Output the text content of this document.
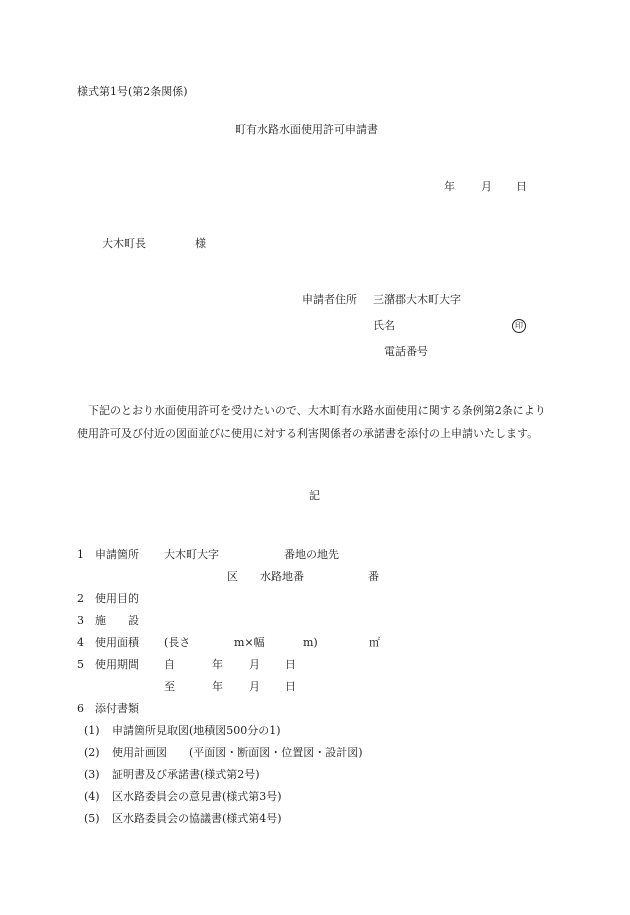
様式第1号(第2条関係)
町有水路水面使用許可申請書
年 月 日
大木町長	様
申請者住所 三潴郡大木町大字
氏名	印
電話番号
下記のとおり水面使用許可を受けたいので、大木町有水路水面使用に関する条例第2条により使用許可及び付近の図面並びに使用に対する利害関係者の承諾書を添付の上申請いたします。
記
1 申請箇所 大木町大字	番地の地先
区 水路地番	番
2 使用目的
3 施　　設
4 使用面積 (長さ	m×幅	m)	㎡
5 使用期間 自	年 月 日
至	年 月 日
6 添付書類
(1) 申請箇所見取図(地積図500分の1)
(2) 使用計画図　　(平面図・断面図・位置図・設計図)
(3) 証明書及び承諾書(様式第2号)
(4) 区水路委員会の意見書(様式第3号)
(5) 区水路委員会の協議書(様式第4号)
